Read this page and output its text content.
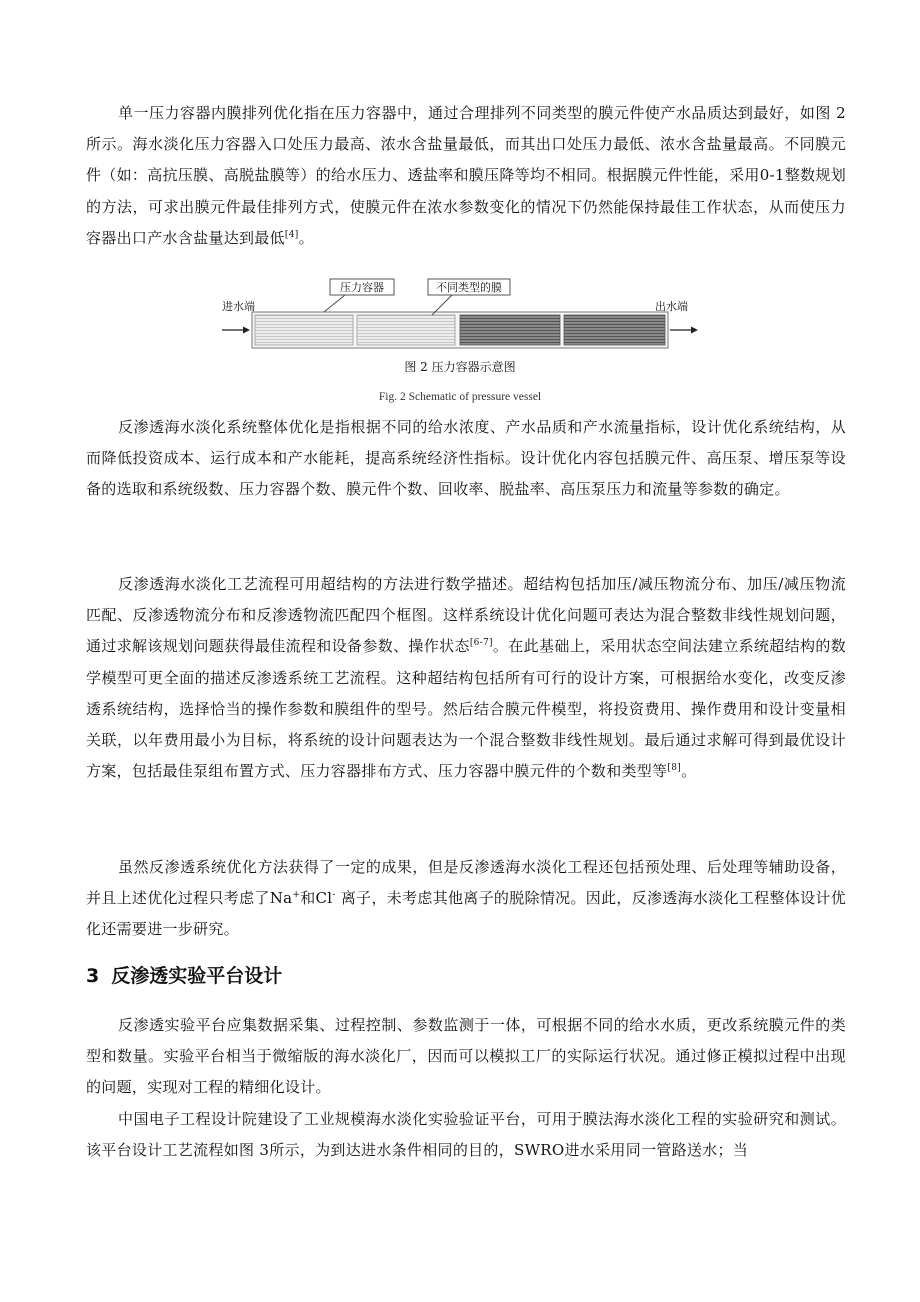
单一压力容器内膜排列优化指在压力容器中，通过合理排列不同类型的膜元件使产水品质达到最好，如图 2所示。海水淡化压力容器入口处压力最高、浓水含盐量最低，而其出口处压力最低、浓水含盐量最高。不同膜元件（如：高抗压膜、高脱盐膜等）的给水压力、透盐率和膜压降等均不相同。根据膜元件性能，采用0-1整数规划的方法，可求出膜元件最佳排列方式，使膜元件在浓水参数变化的情况下仍然能保持最佳工作状态，从而使压力容器出口产水含盐量达到最低[4]。

进水端	出水端
压力容器	不同类型的膜

图 2 压力容器示意图

Fig. 2 Schematic of pressure vessel

反渗透海水淡化系统整体优化是指根据不同的给水浓度、产水品质和产水流量指标，设计优化系统结构，从而降低投资成本、运行成本和产水能耗，提高系统经济性指标。设计优化内容包括膜元件、高压泵、增压泵等设备的选取和系统级数、压力容器个数、膜元件个数、回收率、脱盐率、高压泵压力和流量等参数的确定。

反渗透海水淡化工艺流程可用超结构的方法进行数学描述。超结构包括加压/减压物流分布、加压/减压物流匹配、反渗透物流分布和反渗透物流匹配四个框图。这样系统设计优化问题可表达为混合整数非线性规划问题，通过求解该规划问题获得最佳流程和设备参数、操作状态[6-7]。在此基础上，采用状态空间法建立系统超结构的数学模型可更全面的描述反渗透系统工艺流程。这种超结构包括所有可行的设计方案，可根据给水变化，改变反渗透系统结构，选择恰当的操作参数和膜组件的型号。然后结合膜元件模型，将投资费用、操作费用和设计变量相关联，以年费用最小为目标，将系统的设计问题表达为一个混合整数非线性规划。最后通过求解可得到最优设计方案，包括最佳泵组布置方式、压力容器排布方式、压力容器中膜元件的个数和类型等[8]。

虽然反渗透系统优化方法获得了一定的成果，但是反渗透海水淡化工程还包括预处理、后处理等辅助设备，并且上述优化过程只考虑了Na+和Cl- 离子，未考虑其他离子的脱除情况。因此，反渗透海水淡化工程整体设计优化还需要进一步研究。

3 反渗透实验平台设计

反渗透实验平台应集数据采集、过程控制、参数监测于一体，可根据不同的给水水质，更改系统膜元件的类型和数量。实验平台相当于微缩版的海水淡化厂，因而可以模拟工厂的实际运行状况。通过修正模拟过程中出现的问题，实现对工程的精细化设计。

中国电子工程设计院建设了工业规模海水淡化实验验证平台，可用于膜法海水淡化工程的实验研究和测试。该平台设计工艺流程如图 3所示，为到达进水条件相同的目的，SWRO进水采用同一管路送水；当
